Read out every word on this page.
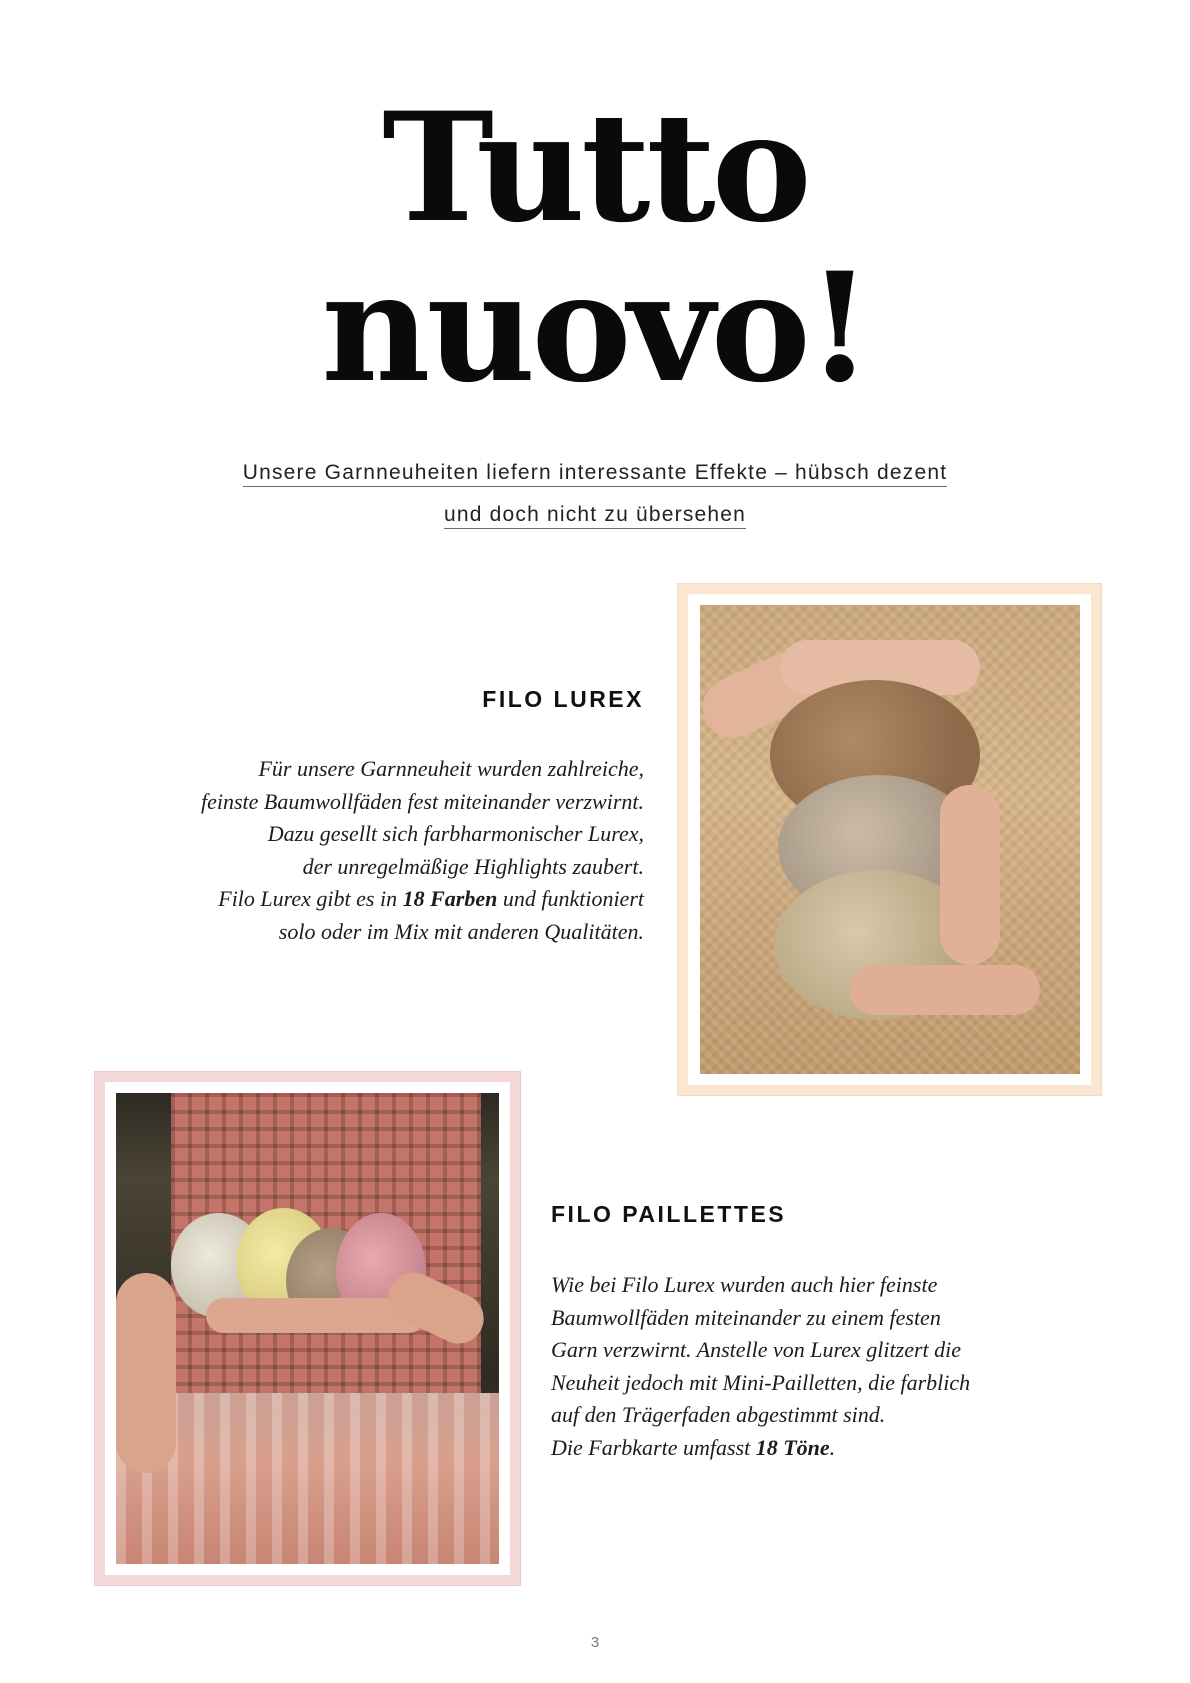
Tutto
nuovo!
Unsere Garnneuheiten liefern interessante Effekte – hübsch dezent
und doch nicht zu übersehen
FILO LUREX

Für unsere Garnneuheit wurden zahlreiche,

feinste Baumwollfäden fest miteinander verzwirnt.

Dazu gesellt sich farbharmonischer Lurex,

der unregelmäßige Highlights zaubert.

Filo Lurex gibt es in 18 Farben und funktioniert

solo oder im Mix mit anderen Qualitäten.

FILO PAILLETTES

Wie bei Filo Lurex wurden auch hier feinste

Baumwollfäden miteinander zu einem festen

Garn verzwirnt. Anstelle von Lurex glitzert die

Neuheit jedoch mit Mini-Pailletten, die farblich

auf den Trägerfaden abgestimmt sind.

Die Farbkarte umfasst 18 Töne.

3
